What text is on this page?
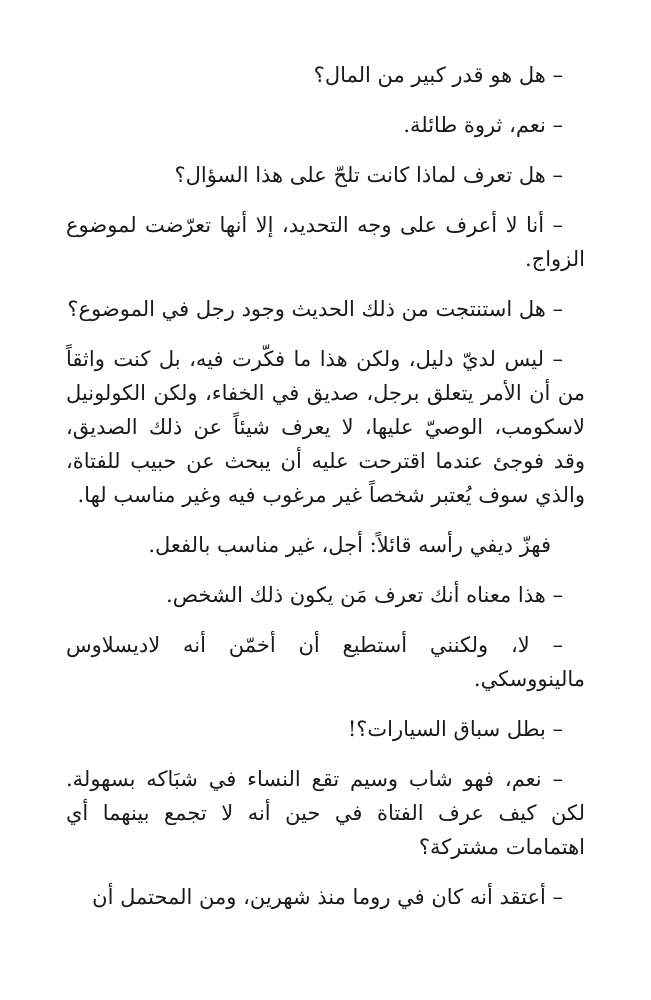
– هل هو قدر كبير من المال؟

– نعم، ثروة طائلة.

– هل تعرف لماذا كانت تلحّ على هذا السؤال؟

– أنا لا أعرف على وجه التحديد، إلا أنها تعرّضت لموضوع الزواج.

– هل استنتجت من ذلك الحديث وجود رجل في الموضوع؟

– ليس لديّ دليل، ولكن هذا ما فكّرت فيه، بل كنت واثقاً من أن الأمر يتعلق برجل، صديق في الخفاء، ولكن الكولونيل لاسكومب، الوصيّ عليها، لا يعرف شيئاً عن ذلك الصديق، وقد فوجئ عندما اقترحت عليه أن يبحث عن حبيب للفتاة، والذي سوف يُعتبر شخصاً غير مرغوب فيه وغير مناسب لها.

فهزّ ديفي رأسه قائلاً: أجل، غير مناسب بالفعل.

– هذا معناه أنك تعرف مَن يكون ذلك الشخص.

– لا، ولكنني أستطيع أن أخمّن أنه لاديسلاوس مالينووسكي.

– بطل سباق السيارات؟!

– نعم، فهو شاب وسيم تقع النساء في شبَاكه بسهولة. لكن كيف عرف الفتاة في حين أنه لا تجمع بينهما أي اهتمامات مشتركة؟

– أعتقد أنه كان في روما منذ شهرين، ومن المحتمل أن
